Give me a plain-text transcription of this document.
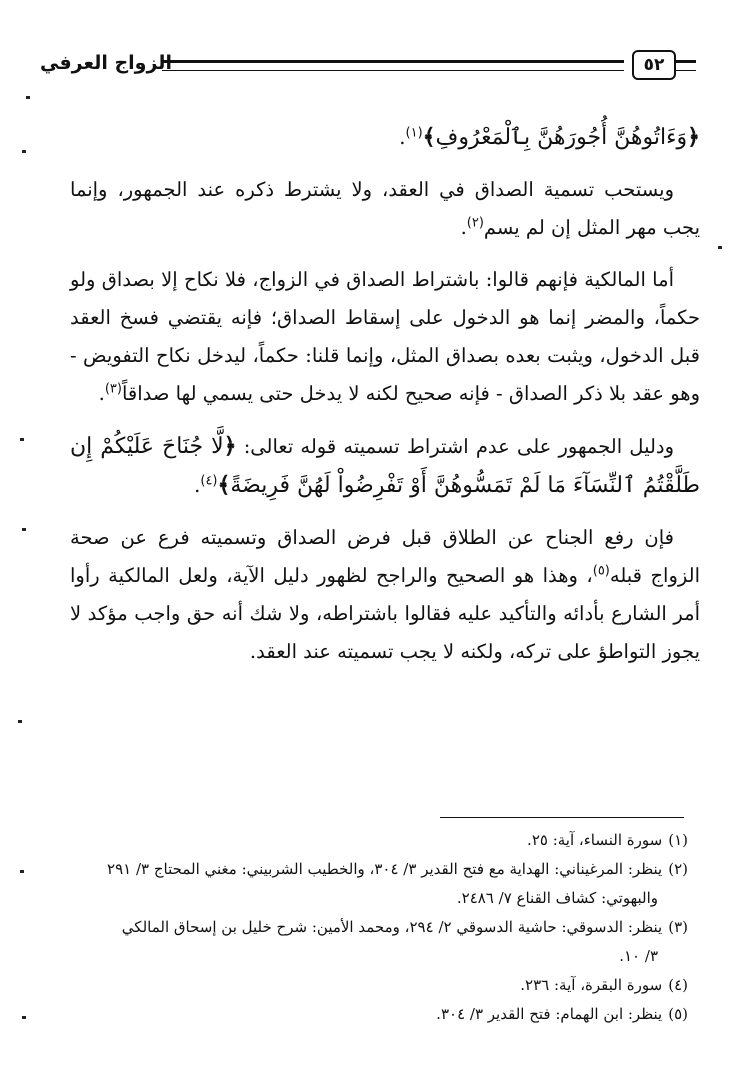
الزواج العرفي	٥٢

﴿وَءَاتُوهُنَّ أُجُورَهُنَّ بِٱلْمَعْرُوفِ﴾$^{(١)}$.

ويستحب تسمية الصداق في العقد، ولا يشترط ذكره عند الجمهور، وإنما يجب مهر المثل إن لم يسم$^{(٢)}$.

أما المالكية فإنهم قالوا: باشتراط الصداق في الزواج، فلا نكاح إلا بصداق ولو حكماً، والمضر إنما هو الدخول على إسقاط الصداق؛ فإنه يقتضي فسخ العقد قبل الدخول، ويثبت بعده بصداق المثل، وإنما قلنا: حكماً، ليدخل نكاح التفويض - وهو عقد بلا ذكر الصداق - فإنه صحيح لكنه لا يدخل حتى يسمي لها صداقاً$^{(٣)}$.

ودليل الجمهور على عدم اشتراط تسميته قوله تعالى: ﴿لَّا جُنَاحَ عَلَيْكُمْ إِن طَلَّقْتُمُ ٱلنِّسَآءَ مَا لَمْ تَمَسُّوهُنَّ أَوْ تَفْرِضُواْ لَهُنَّ فَرِيضَةً﴾$^{(٤)}$.

فإن رفع الجناح عن الطلاق قبل فرض الصداق وتسميته فرع عن صحة الزواج قبله$^{(٥)}$، وهذا هو الصحيح والراجح لظهور دليل الآية، ولعل المالكية رأوا أمر الشارع بأدائه والتأكيد عليه فقالوا باشتراطه، ولا شك أنه حق واجب مؤكد لا يجوز التواطؤ على تركه، ولكنه لا يجب تسميته عند العقد.

(١)سورة النساء، آية: ٢٥.

(٢)ينظر: المرغيناني: الهداية مع فتح القدير ٣/ ٣٠٤، والخطيب الشربيني: مغني المحتاج ٣/ ٢٩١
والبهوتي: كشاف القناع ٧/ ٢٤٨٦.

(٣)ينظر: الدسوقي: حاشية الدسوقي ٢/ ٢٩٤، ومحمد الأمين: شرح خليل بن إسحاق المالكي
٣/ ١٠.

(٤)سورة البقرة، آية: ٢٣٦.

(٥)ينظر: ابن الهمام: فتح القدير ٣/ ٣٠٤.
